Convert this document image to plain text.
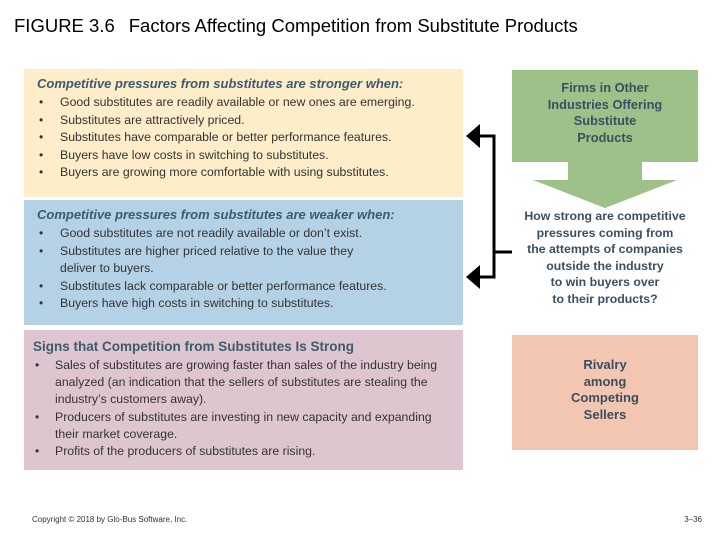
FIGURE 3.6 Factors Affecting Competition from Substitute Products
Competitive pressures from substitutes are stronger when:
• Good substitutes are readily available or new ones are emerging.
• Substitutes are attractively priced.
• Substitutes have comparable or better performance features.
• Buyers have low costs in switching to substitutes.
• Buyers are growing more comfortable with using substitutes.
Competitive pressures from substitutes are weaker when:
• Good substitutes are not readily available or don’t exist.
• Substitutes are higher priced relative to the value they deliver to buyers.
• Substitutes lack comparable or better performance features.
• Buyers have high costs in switching to substitutes.
Signs that Competition from Substitutes Is Strong
• Sales of substitutes are growing faster than sales of the industry being analyzed (an indication that the sellers of substitutes are stealing the industry’s customers away).
• Producers of substitutes are investing in new capacity and expanding their market coverage.
• Profits of the producers of substitutes are rising.
Firms in Other
Industries Offering
Substitute
Products
How strong are competitive
pressures coming from
the attempts of companies
outside the industry
to win buyers over
to their products?
Rivalry
among
Competing
Sellers
Copyright © 2018 by Glo-Bus Software, Inc.	3–36
